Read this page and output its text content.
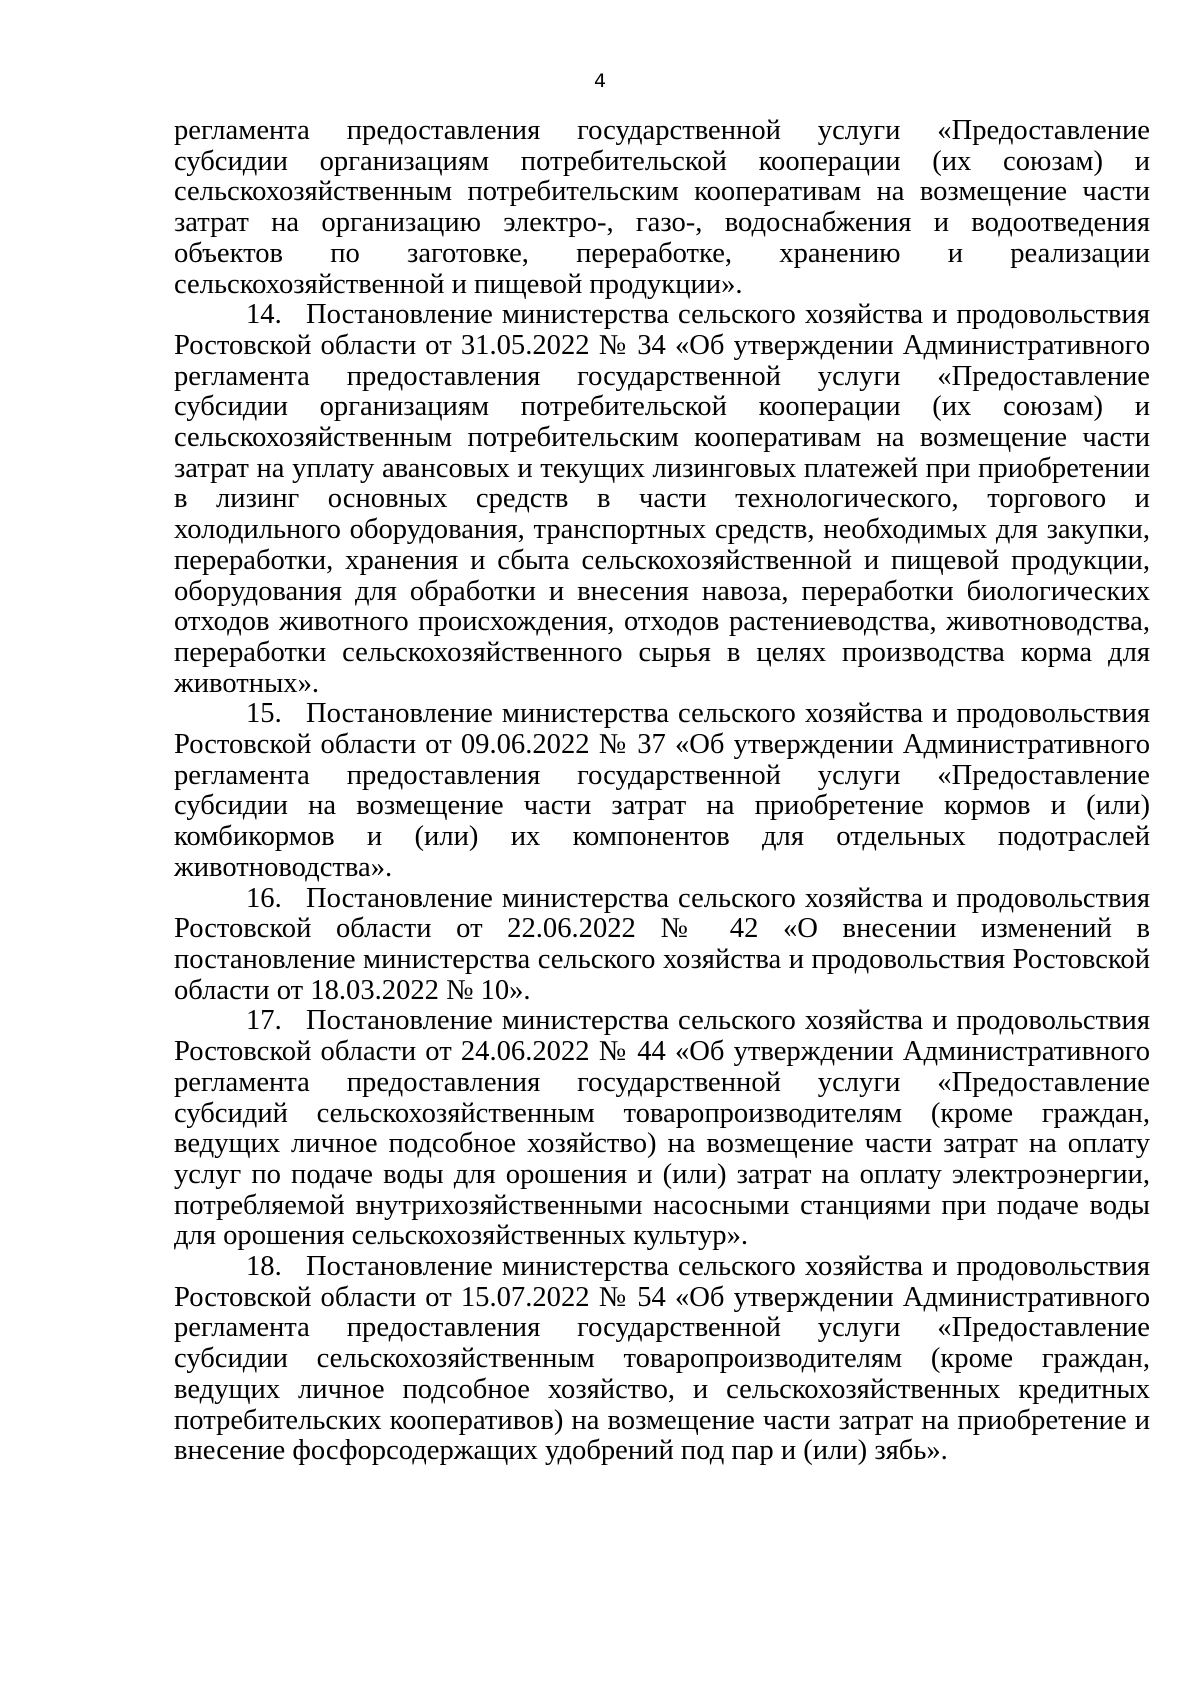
4

регламента предоставления государственной услуги «Предоставление субсидии организациям потребительской кооперации (их союзам) и сельскохозяйственным потребительским кооперативам на возмещение части затрат на организацию электро-, газо-, водоснабжения и водоотведения объектов по заготовке, переработке, хранению и реализации сельскохозяйственной и пищевой продукции».

14. Постановление министерства сельского хозяйства и продовольствия Ростовской области от 31.05.2022 № 34 «Об утверждении Административного регламента предоставления государственной услуги «Предоставление субсидии организациям потребительской кооперации (их союзам) и сельскохозяйственным потребительским кооперативам на возмещение части затрат на уплату авансовых и текущих лизинговых платежей при приобретении в лизинг основных средств в части технологического, торгового и холодильного оборудования, транспортных средств, необходимых для закупки, переработки, хранения и сбыта сельскохозяйственной и пищевой продукции, оборудования для обработки и внесения навоза, переработки биологических отходов животного происхождения, отходов растениеводства, животноводства, переработки сельскохозяйственного сырья в целях производства корма для животных».

15. Постановление министерства сельского хозяйства и продовольствия Ростовской области от 09.06.2022 № 37 «Об утверждении Административного регламента предоставления государственной услуги «Предоставление субсидии на возмещение части затрат на приобретение кормов и (или) комбикормов и (или) их компонентов для отдельных подотраслей животноводства».

16. Постановление министерства сельского хозяйства и продовольствия Ростовской области от 22.06.2022 № 42 «О внесении изменений в постановление министерства сельского хозяйства и продовольствия Ростовской области от 18.03.2022 № 10».

17. Постановление министерства сельского хозяйства и продовольствия Ростовской области от 24.06.2022 № 44 «Об утверждении Административного регламента предоставления государственной услуги «Предоставление субсидий сельскохозяйственным товаропроизводителям (кроме граждан, ведущих личное подсобное хозяйство) на возмещение части затрат на оплату услуг по подаче воды для орошения и (или) затрат на оплату электроэнергии, потребляемой внутрихозяйственными насосными станциями при подаче воды для орошения сельскохозяйственных культур».

18. Постановление министерства сельского хозяйства и продовольствия Ростовской области от 15.07.2022 № 54 «Об утверждении Административного регламента предоставления государственной услуги «Предоставление субсидии сельскохозяйственным товаропроизводителям (кроме граждан, ведущих личное подсобное хозяйство, и сельскохозяйственных кредитных потребительских кооперативов) на возмещение части затрат на приобретение и внесение фосфорсодержащих удобрений под пар и (или) зябь».
